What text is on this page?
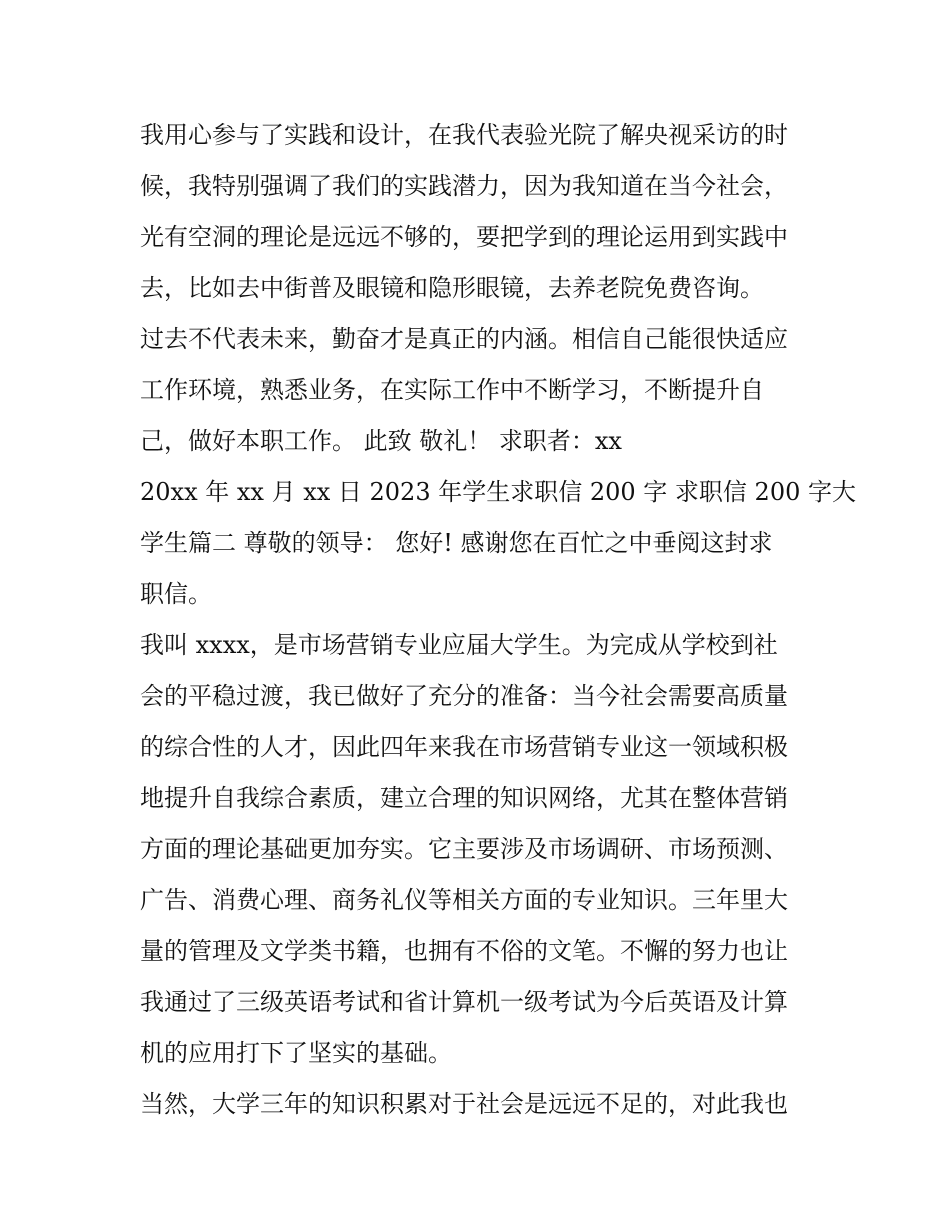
我用心参与了实践和设计，在我代表验光院了解央视采访的时
候，我特别强调了我们的实践潜力，因为我知道在当今社会，
光有空洞的理论是远远不够的，要把学到的理论运用到实践中
去，比如去中街普及眼镜和隐形眼镜，去养老院免费咨询。
过去不代表未来，勤奋才是真正的内涵。相信自己能很快适应
工作环境，熟悉业务，在实际工作中不断学习，不断提升自
己，做好本职工作。 此致 敬礼！ 求职者：xx
20xx 年 xx 月 xx 日 2023 年学生求职信 200 字 求职信 200 字大
学生篇二 尊敬的领导： 您好! 感谢您在百忙之中垂阅这封求
职信。
我叫 xxxx，是市场营销专业应届大学生。为完成从学校到社
会的平稳过渡，我已做好了充分的准备：当今社会需要高质量
的综合性的人才，因此四年来我在市场营销专业这一领域积极
地提升自我综合素质，建立合理的知识网络，尤其在整体营销
方面的理论基础更加夯实。它主要涉及市场调研、市场预测、
广告、消费心理、商务礼仪等相关方面的专业知识。三年里大
量的管理及文学类书籍，也拥有不俗的文笔。不懈的努力也让
我通过了三级英语考试和省计算机一级考试为今后英语及计算
机的应用打下了坚实的基础。
当然，大学三年的知识积累对于社会是远远不足的，对此我也
